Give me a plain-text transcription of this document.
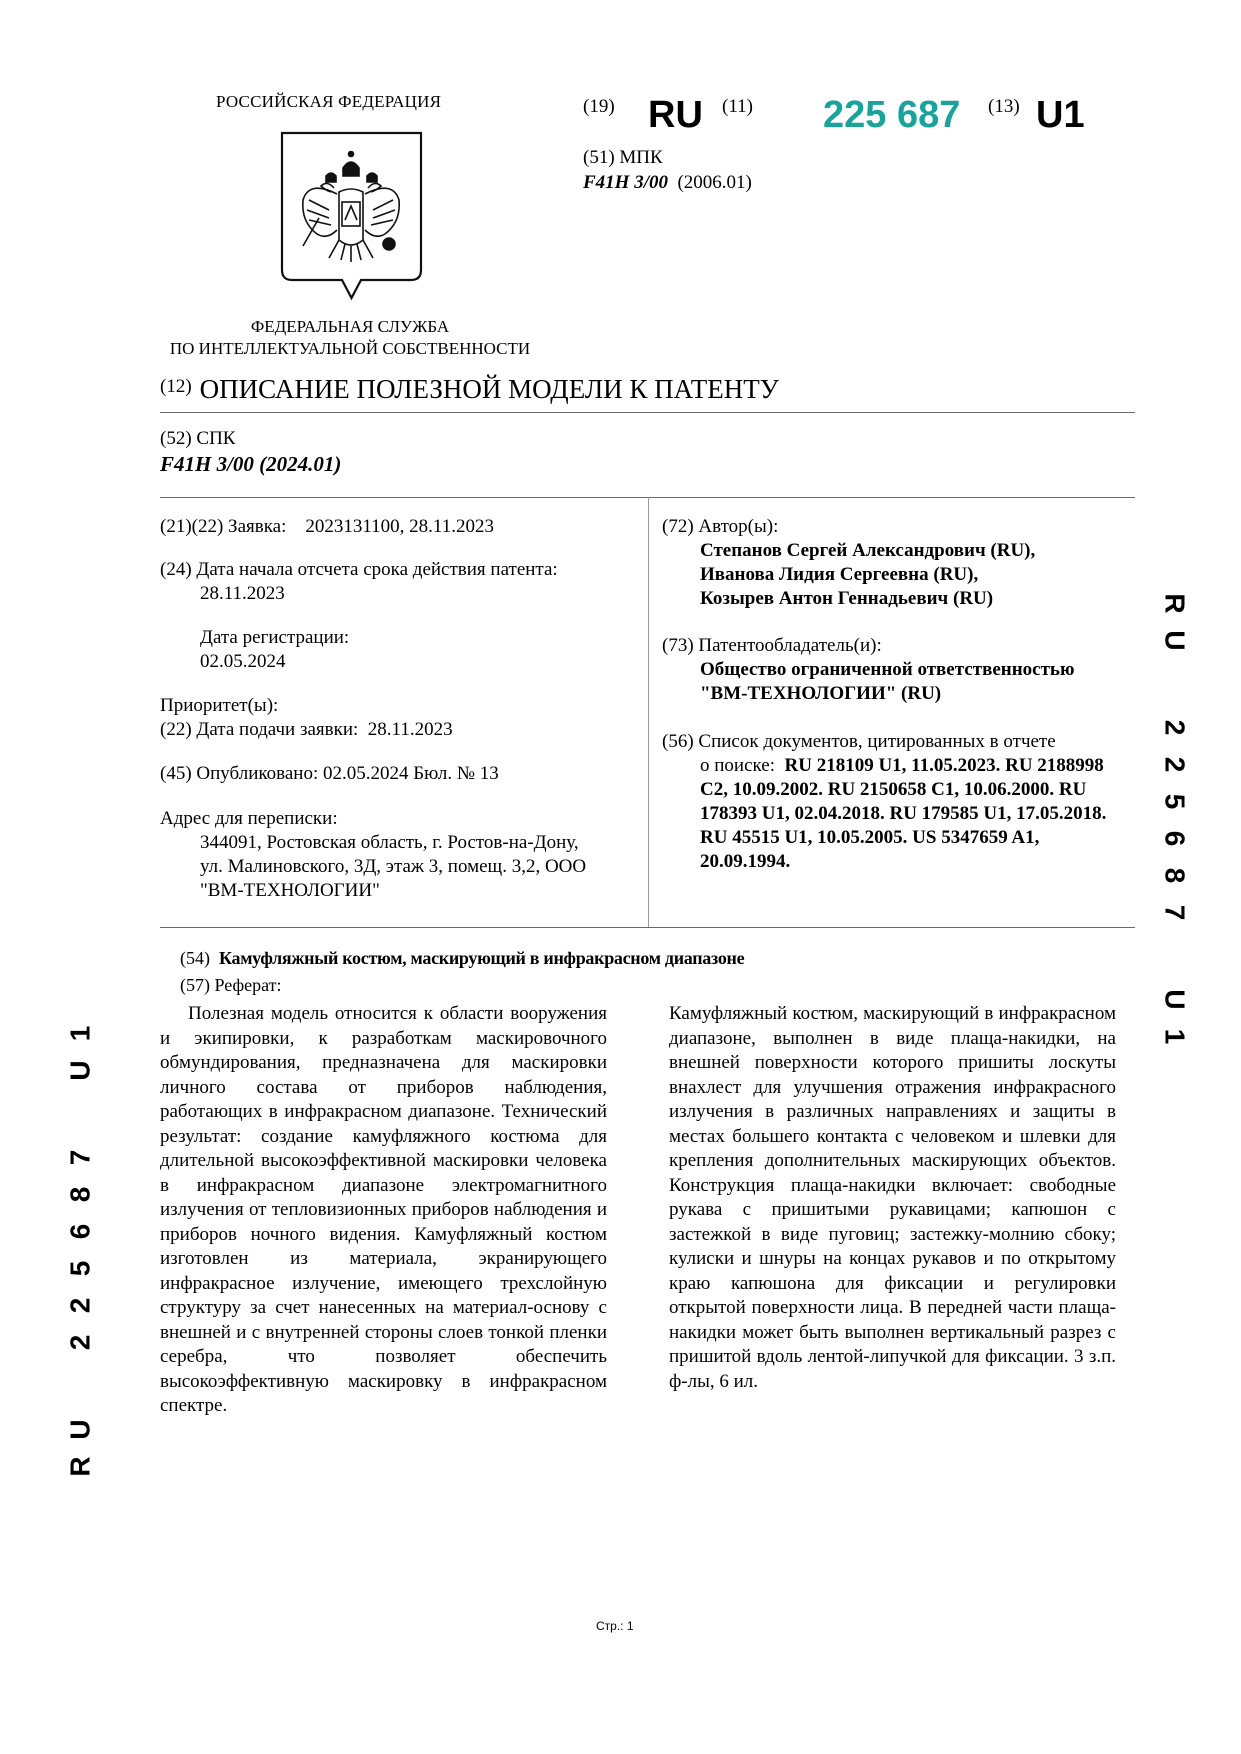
РОССИЙСКАЯ ФЕДЕРАЦИЯ
ФЕДЕРАЛЬНАЯ СЛУЖБА
ПО ИНТЕЛЛЕКТУАЛЬНОЙ СОБСТВЕННОСТИ
(19) RU (11) 225 687 (13) U1
(51) МПК
F41H 3/00 (2006.01)
$^{(12)}$ ОПИСАНИЕ ПОЛЕЗНОЙ МОДЕЛИ К ПАТЕНТУ
(52) СПК
F41H 3/00 (2024.01)
(21)(22) Заявка: 2023131100, 28.11.2023
(24) Дата начала отсчета срока действия патента:
28.11.2023
Дата регистрации:
02.05.2024
Приоритет(ы):
(22) Дата подачи заявки: 28.11.2023
(45) Опубликовано: 02.05.2024 Бюл. № 13
Адрес для переписки:
344091, Ростовская область, г. Ростов-на-Дону,
ул. Малиновского, 3Д, этаж 3, помещ. 3,2, ООО
"ВМ-ТЕХНОЛОГИИ"
(72) Автор(ы):
Степанов Сергей Александрович (RU),
Иванова Лидия Сергеевна (RU),
Козырев Антон Геннадьевич (RU)
(73) Патентообладатель(и):
Общество ограниченной ответственностью
"ВМ-ТЕХНОЛОГИИ" (RU)
(56) Список документов, цитированных в отчете
о поиске: RU 218109 U1, 11.05.2023. RU 2188998
C2, 10.09.2002. RU 2150658 C1, 10.06.2000. RU
178393 U1, 02.04.2018. RU 179585 U1, 17.05.2018.
RU 45515 U1, 10.05.2005. US 5347659 A1,
20.09.1994.
R
U
2
2
5
6
8
7
U
1
1
U
7
8
6
5
2
2
U
R
(54) Камуфляжный костюм, маскирующий в инфракрасном диапазоне
(57) Реферат:
Полезная модель относится к области вооружения и экипировки, к разработкам маскировочного обмундирования, предназначена для маскировки личного состава от приборов наблюдения, работающих в инфракрасном диапазоне. Технический результат: создание камуфляжного костюма для длительной высокоэффективной маскировки человека в инфракрасном диапазоне электромагнитного излучения от тепловизионных приборов наблюдения и приборов ночного видения. Камуфляжный костюм изготовлен из материала, экранирующего инфракрасное излучение, имеющего трехслойную структуру за счет нанесенных на материал-основу с внешней и с внутренней стороны слоев тонкой пленки серебра, что позволяет обеспечить высокоэффективную маскировку в инфракрасном спектре.
Камуфляжный костюм, маскирующий в инфракрасном диапазоне, выполнен в виде плаща-накидки, на внешней поверхности которого пришиты лоскуты внахлест для улучшения отражения инфракрасного излучения в различных направлениях и защиты в местах большего контакта с человеком и шлевки для крепления дополнительных маскирующих объектов. Конструкция плаща-накидки включает: свободные рукава с пришитыми рукавицами; капюшон с застежкой в виде пуговиц; застежку-молнию сбоку; кулиски и шнуры на концах рукавов и по открытому краю капюшона для фиксации и регулировки открытой поверхности лица. В передней части плаща-накидки может быть выполнен вертикальный разрез с пришитой вдоль лентой-липучкой для фиксации. 3 з.п. ф-лы, 6 ил.
Стр.: 1
